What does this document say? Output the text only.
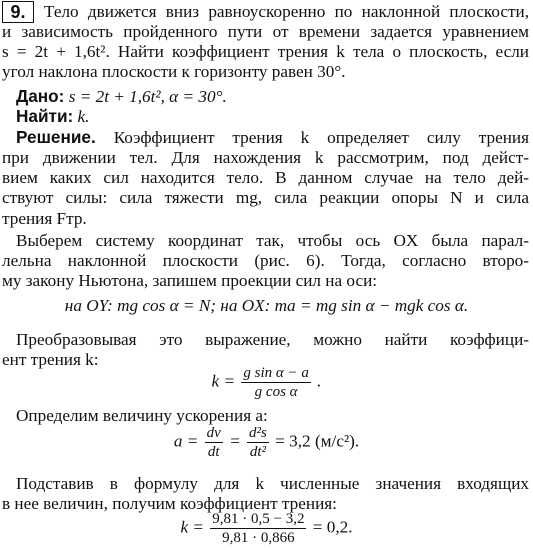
9.	Тело движется вниз равноускоренно по наклонной плоскости,
и зависимость пройденного пути от времени задается уравнением
s = 2t + 1,6t². Найти коэффициент трения k тела о плоскость, если
угол наклона плоскости к горизонту равен 30°.
Дано: s = 2t + 1,6t², α = 30°.
Найти: k.
Решение. Коэффициент трения k определяет силу трения
при движении тел. Для нахождения k рассмотрим, под дейст-
вием каких сил находится тело. В данном случае на тело дей-
ствуют силы: сила тяжести mg, сила реакции опоры N и сила
трения Fтр.
Выберем систему координат так, чтобы ось OX была парал-
лельна наклонной плоскости (рис. 6). Тогда, согласно второ-
му закону Ньютона, запишем проекции сил на оси:
на OY: mg cos α = N; на OX: ma = mg sin α − mgk cos α.
Преобразовывая это выражение, можно найти коэффици-
ент трения k:
$k = \frac{\text{g sin α − a}}{\text{g cos α}}$ .
Определим величину ускорения a:
$a = \frac{dv}{dt} = \frac{\text{d²s}}{\text{dt²}} = 3,2$ (м/с²).
Подставив в формулу для k численные значения входящих
в нее величин, получим коэффициент трения:
$k = \frac{9,81 \cdot 0,5 - 3,2}{9,81 \cdot 0,866} = 0,2$.
